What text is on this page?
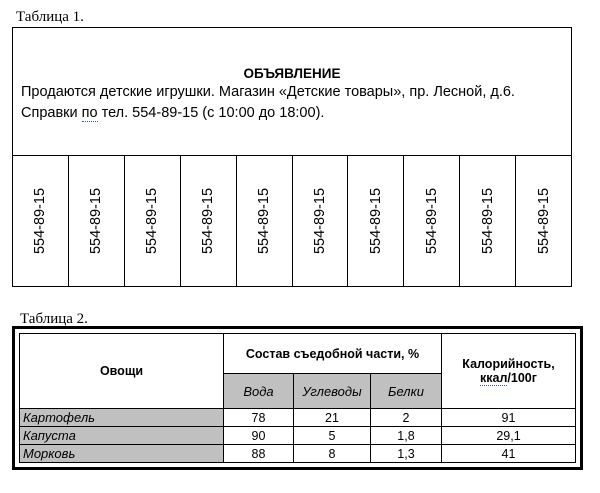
Таблица 1.
ОБЪЯВЛЕНИЕ
Продаются детские игрушки. Магазин «Детские товары», пр. Лесной, д.6.
Справки по тел. 554-89-15 (с 10:00 до 18:00).
554-89-15	554-89-15	554-89-15	554-89-15	554-89-15	554-89-15	554-89-15	554-89-15	554-89-15	554-89-15
Таблица 2.
Овощи	Состав съедобной части, %			Калорийность,
ккал/100г
	Вода	Углеводы	Белки	
Картофель	78	21	2	91
Капуста	90	5	1,8	29,1
Морковь	88	8	1,3	41
